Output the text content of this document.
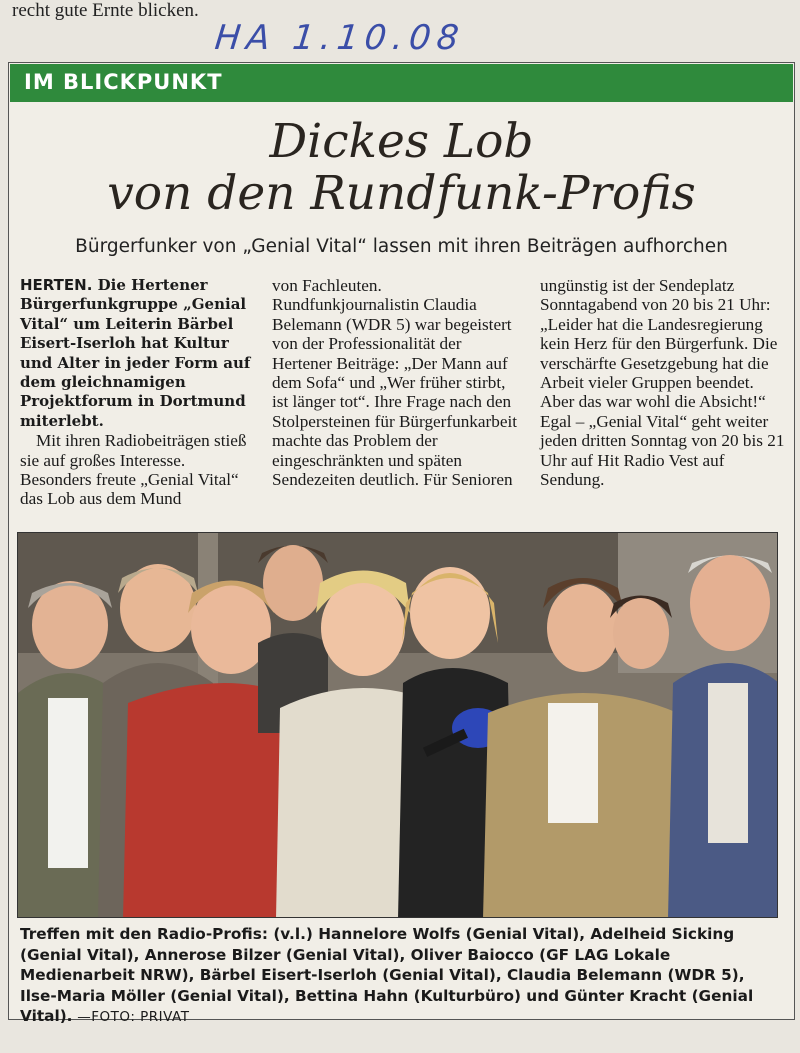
recht gute Ernte blicken.
HA 1.10.08
IM BLICKPUNKT
Dickes Lob
von den Rundfunk-Profis
Bürgerfunker von „Genial Vital“ lassen mit ihren Beiträgen aufhorchen

HERTEN. Die Hertener Bürgerfunkgruppe „Genial Vital“ um Leiterin Bärbel Eisert-Iserloh hat Kultur und Alter in jeder Form auf dem gleichnamigen Projektforum in Dortmund miterlebt.

Mit ihren Radiobeiträgen stieß sie auf großes Interesse. Besonders freute „Genial Vital“ das Lob aus dem Mund

von Fachleuten. Rundfunkjournalistin Claudia Belemann (WDR 5) war begeistert von der Professionalität der Hertener Beiträge: „Der Mann auf dem Sofa“ und „Wer früher stirbt, ist länger tot“. Ihre Frage nach den Stolpersteinen für Bürgerfunkarbeit machte das Problem der eingeschränkten und späten Sendezeiten deutlich. Für Senioren

ungünstig ist der Sendeplatz Sonntagabend von 20 bis 21 Uhr: „Leider hat die Landesregierung kein Herz für den Bürgerfunk. Die verschärfte Gesetzgebung hat die Arbeit vieler Gruppen beendet. Aber das war wohl die Absicht!“ Egal – „Genial Vital“ geht weiter jeden dritten Sonntag von 20 bis 21 Uhr auf Hit Radio Vest auf Sendung.

Treffen mit den Radio-Profis: (v.l.) Hannelore Wolfs (Genial Vital), Adelheid Sicking (Genial Vital), Annerose Bilzer (Genial Vital), Oliver Baiocco (GF LAG Lokale Medienarbeit NRW), Bärbel Eisert-Iserloh (Genial Vital), Claudia Belemann (WDR 5), Ilse-Maria Möller (Genial Vital), Bettina Hahn (Kulturbüro) und Günter Kracht (Genial Vital). —FOTO: PRIVAT
